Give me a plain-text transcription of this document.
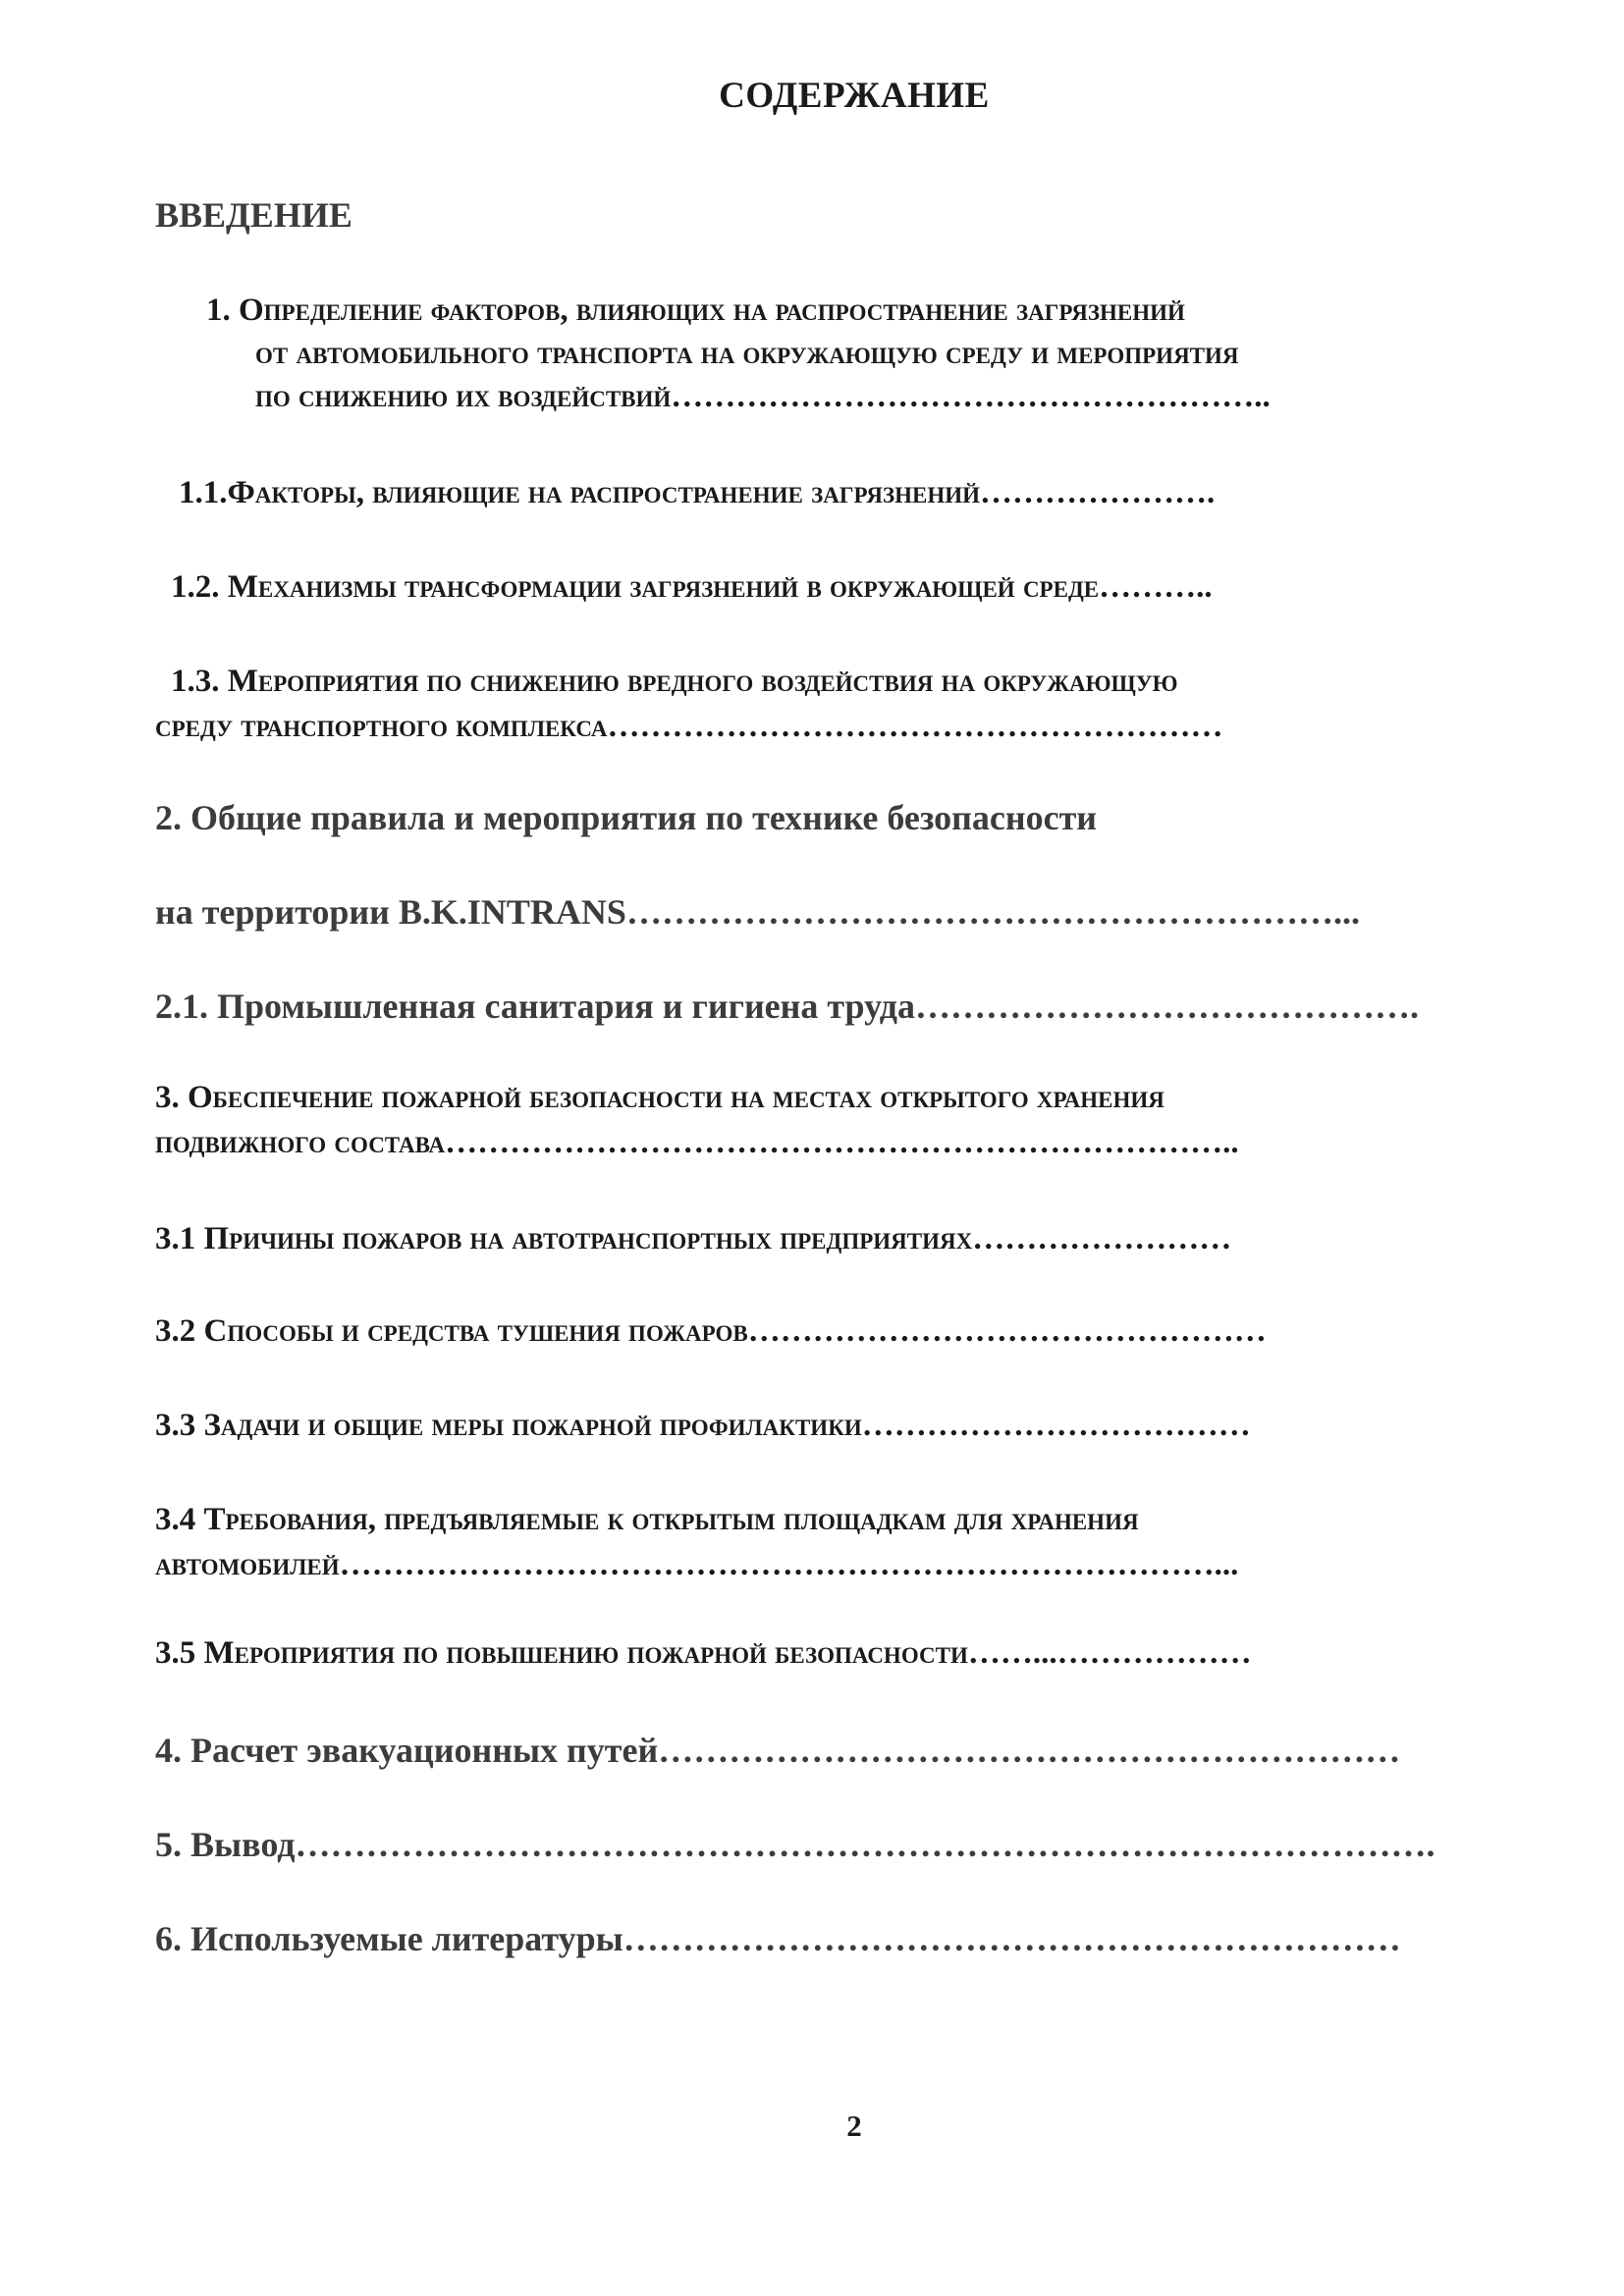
СОДЕРЖАНИЕ
ВВЕДЕНИЕ
1. Определение факторов, влияющих на распространение загрязнений
от автомобильного транспорта на окружающую среду и мероприятия
по снижению их воздействий………………………………………………..
1.1.Факторы, влияющие на распространение загрязнений………………….
1.2. Механизмы трансформации загрязнений в окружающей среде………..
1.3. Мероприятия по снижению вредного воздействия на окружающую
среду транспортного комплекса…………………………………………………
2. Общие правила и мероприятия по технике безопасности
на территории B.K.INTRANS……………………………………………………...
2.1. Промышленная санитария и гигиена труда…………………………………….
3. Обеспечение пожарной безопасности на местах открытого хранения
подвижного состава………………………………………………………………..
3.1 Причины пожаров на автотранспортных предприятиях……………………
3.2 Способы и средства тушения пожаров…………………………………………
3.3 Задачи и общие меры пожарной профилактики………………………………
3.4 Требования, предъявляемые к открытым площадкам для хранения
автомобилей………………………………………………………………………...
3.5 Мероприятия по повышению пожарной безопасности……...………………
4. Расчет эвакуационных путей………………………………………………………
5. Вывод…………………………………………………………………………………….
6. Используемые литературы…………………………………………………………
2
